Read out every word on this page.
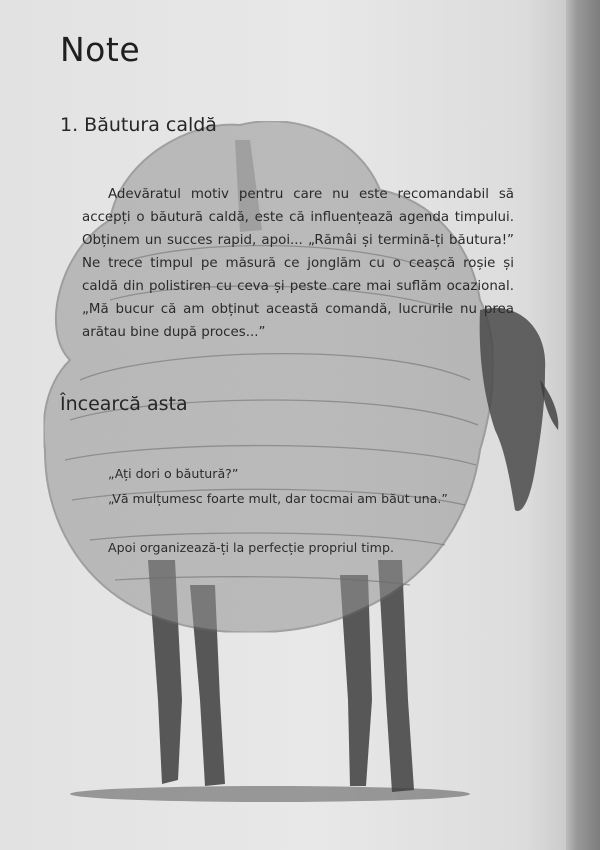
Note
1. Băutura caldă

Adevăratul motiv pentru care nu este recomandabil să accepți o băutură caldă, este că influențează agenda timpului. Obținem un succes rapid, apoi... „Rămâi și termină-ți băutura!” Ne trece timpul pe măsură ce jonglăm cu o ceașcă roșie și caldă din polistiren cu ceva și peste care mai suflăm ocazional. „Mă bucur că am obținut această comandă, lucrurile nu prea arătau bine după proces...”

Încearcă asta

„Ați dori o băutură?”

„Vă mulțumesc foarte mult, dar tocmai am băut una.”

Apoi organizează-ți la perfecție propriul timp.
